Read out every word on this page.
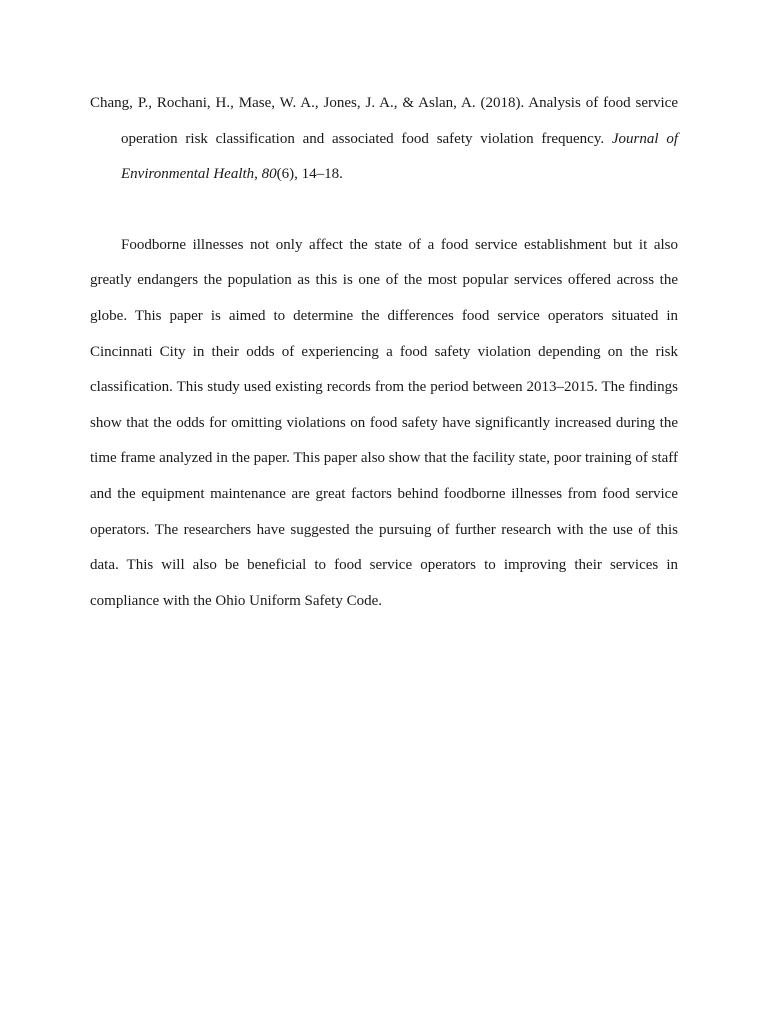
Chang, P., Rochani, H., Mase, W. A., Jones, J. A., & Aslan, A. (2018). Analysis of food service operation risk classification and associated food safety violation frequency. Journal of Environmental Health, 80(6), 14–18.

Foodborne illnesses not only affect the state of a food service establishment but it also greatly endangers the population as this is one of the most popular services offered across the globe. This paper is aimed to determine the differences food service operators situated in Cincinnati City in their odds of experiencing a food safety violation depending on the risk classification. This study used existing records from the period between 2013–2015. The findings show that the odds for omitting violations on food safety have significantly increased during the time frame analyzed in the paper. This paper also show that the facility state, poor training of staff and the equipment maintenance are great factors behind foodborne illnesses from food service operators. The researchers have suggested the pursuing of further research with the use of this data. This will also be beneficial to food service operators to improving their services in compliance with the Ohio Uniform Safety Code.
